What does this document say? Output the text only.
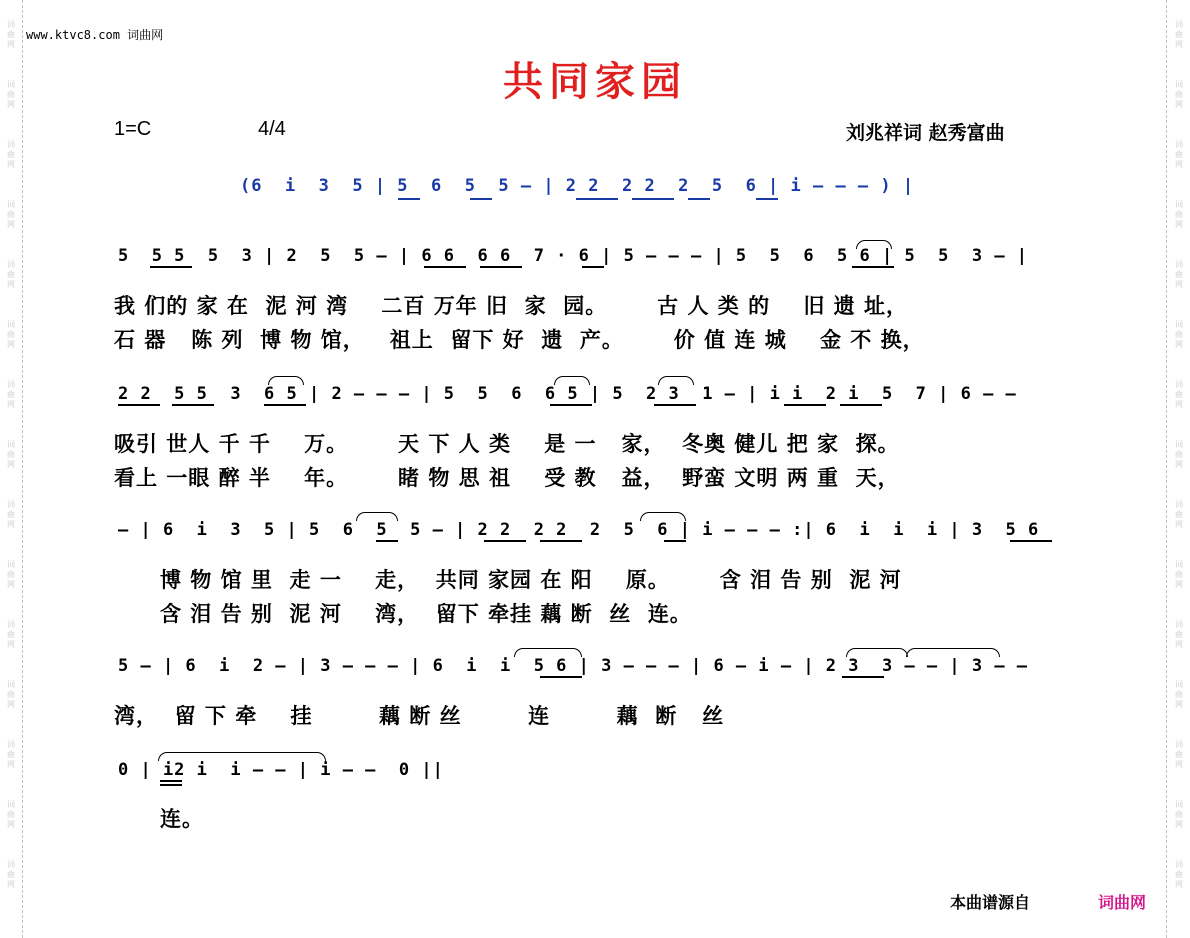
词
曲
网
词
曲
网
词
曲
网
词
曲
网
词
曲
网
词
曲
网
词
曲
网
词
曲
网
词
曲
网
词
曲
网
词
曲
网
词
曲
网
词
曲
网
词
曲
网
词
曲
网
词
曲
网
词
曲
网
词
曲
网
词
曲
网
词
曲
网
词
曲
网
词
曲
网
词
曲
网
词
曲
网
词
曲
网
词
曲
网
词
曲
网
词
曲
网
词
曲
网
词
曲
网
www.ktvc8.com 词曲网
共同家园
1=C	4/4	刘兆祥词 赵秀富曲
(6  i  3  5 | 5  6  5  5 – | 2 2  2 2  2  5  6 | i – – – ) |
5  5 5  5  3 | 2  5  5 – | 6 6  6 6  7 · 6 | 5 – – – | 5  5  6  5 6 | 5  5  3 – |
我 们的 家 在  泥 河 湾    二百 万年 旧  家  园。      古 人 类 的    旧 遗 址，
石 器   陈 列  博 物 馆，   祖上  留下 好  遗  产。      价 值 连 城    金 不 换，
2 2  5 5  3  6 5 | 2 – – – | 5  5  6  6 5 | 5  2 3  1 – | i i  2 i  5  7 | 6 – –
吸引 世人 千 千    万。      天 下 人 类    是 一   家，  冬奥 健儿 把 家  探。
看上 一眼 醉 半    年。      睹 物 思 祖    受 教   益，  野蛮 文明 两 重  天，
– | 6  i  3  5 | 5  6  5  5 – | 2 2  2 2  2  5  6 | i – – – :| 6  i  i  i | 3  5 6
博 物 馆 里  走 一    走，  共同 家园 在 阳    原。      含 泪 告 别  泥 河
含 泪 告 别  泥 河    湾，  留下 牵挂 藕 断  丝  连。
5 – | 6  i  2 – | 3 – – – | 6  i  i  5 6 | 3 – – – | 6 – i – | 2 3  3 – – | 3 – –
湾，  留 下 牵    挂        藕 断 丝        连        藕  断   丝
0 | i2 i  i – – | i – –  0 ||
连。
本曲谱源自	词曲网
